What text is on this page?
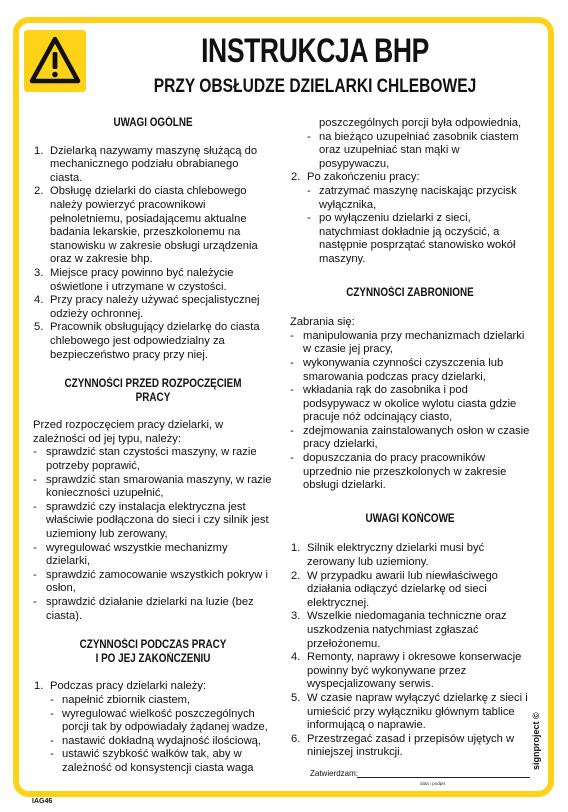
INSTRUKCJA BHP
PRZY OBSŁUDZE DZIELARKI CHLEBOWEJ

UWAGI OGÓLNE

1. Dzielarką nazywamy maszynę służącą do mechanicznego podziału obrabianego ciasta.
2. Obsługę dzielarki do ciasta chlebowego należy powierzyć pracownikowi pełnoletniemu, posiadającemu aktualne badania lekarskie, przeszkolonemu na stanowisku w zakresie obsługi urządzenia oraz w zakresie bhp.
3. Miejsce pracy powinno być należycie oświetlone i utrzymane w czystości.
4. Przy pracy należy używać specjalistycznej odzieży ochronnej.
5. Pracownik obsługujący dzielarkę do ciasta chlebowego jest odpowiedzialny za bezpieczeństwo pracy przy niej.

CZYNNOŚCI PRZED ROZPOCZĘCIEM PRACY

Przed rozpoczęciem pracy dzielarki, w zależności od jej typu, należy:

- sprawdzić stan czystości maszyny, w razie potrzeby poprawić,
- sprawdzić stan smarowania maszyny, w razie konieczności uzupełnić,
- sprawdzić czy instalacja elektryczna jest właściwie podłączona do sieci i czy silnik jest uziemiony lub zerowany,
- wyregulować wszystkie mechanizmy dzielarki,
- sprawdzić zamocowanie wszystkich pokryw i osłon,
- sprawdzić działanie dzielarki na luzie (bez ciasta).

CZYNNOŚCI PODCZAS PRACY

I PO JEJ ZAKOŃCZENIU

1. Podczas pracy dzielarki należy:
- napełnić zbiornik ciastem,
- wyregulować wielkość poszczególnych porcji tak by odpowiadały żądanej wadze,
- nastawić dokładną wydajność ilościową,
- ustawić szybkość wałków tak, aby w zależność od konsystencji ciasta waga

poszczególnych porcji była odpowiednia,

- na bieżąco uzupełniać zasobnik ciastem oraz uzupełniać stan mąki w posypywaczu,
2. Po zakończeniu pracy:
- zatrzymać maszynę naciskając przycisk wyłącznika,
- po wyłączeniu dzielarki z sieci, natychmiast dokładnie ją oczyścić, a następnie posprzątać stanowisko wokół maszyny.

CZYNNOŚCI ZABRONIONE

Zabrania się:

- manipulowania przy mechanizmach dzielarki w czasie jej pracy,
- wykonywania czynności czyszczenia lub smarowania podczas pracy dzielarki,
- wkładania rąk do zasobnika i pod podsypywacz w okolice wylotu ciasta gdzie pracuje nóż odcinający ciasto,
- zdejmowania zainstalowanych osłon w czasie pracy dzielarki,
- dopuszczania do pracy pracowników uprzednio nie przeszkolonych w zakresie obsługi dzielarki.

UWAGI KOŃCOWE

1. Silnik elektryczny dzielarki musi być zerowany lub uziemiony.
2. W przypadku awarii lub niewłaściwego działania odłączyć dzielarkę od sieci elektrycznej.
3. Wszelkie niedomagania techniczne oraz uszkodzenia natychmiast zgłaszać przełożonemu.
4. Remonty, naprawy i okresowe konserwacje powinny być wykonywane przez wyspecjalizowany serwis.
5. W czasie napraw wyłączyć dzielarkę z sieci i umieścić przy wyłączniku głównym tablice informującą o naprawie.
6. Przestrzegać zasad i przepisów ujętych w niniejszej instrukcji.
Zatwierdzam:
data i podpis
IAG46
signproject ©
